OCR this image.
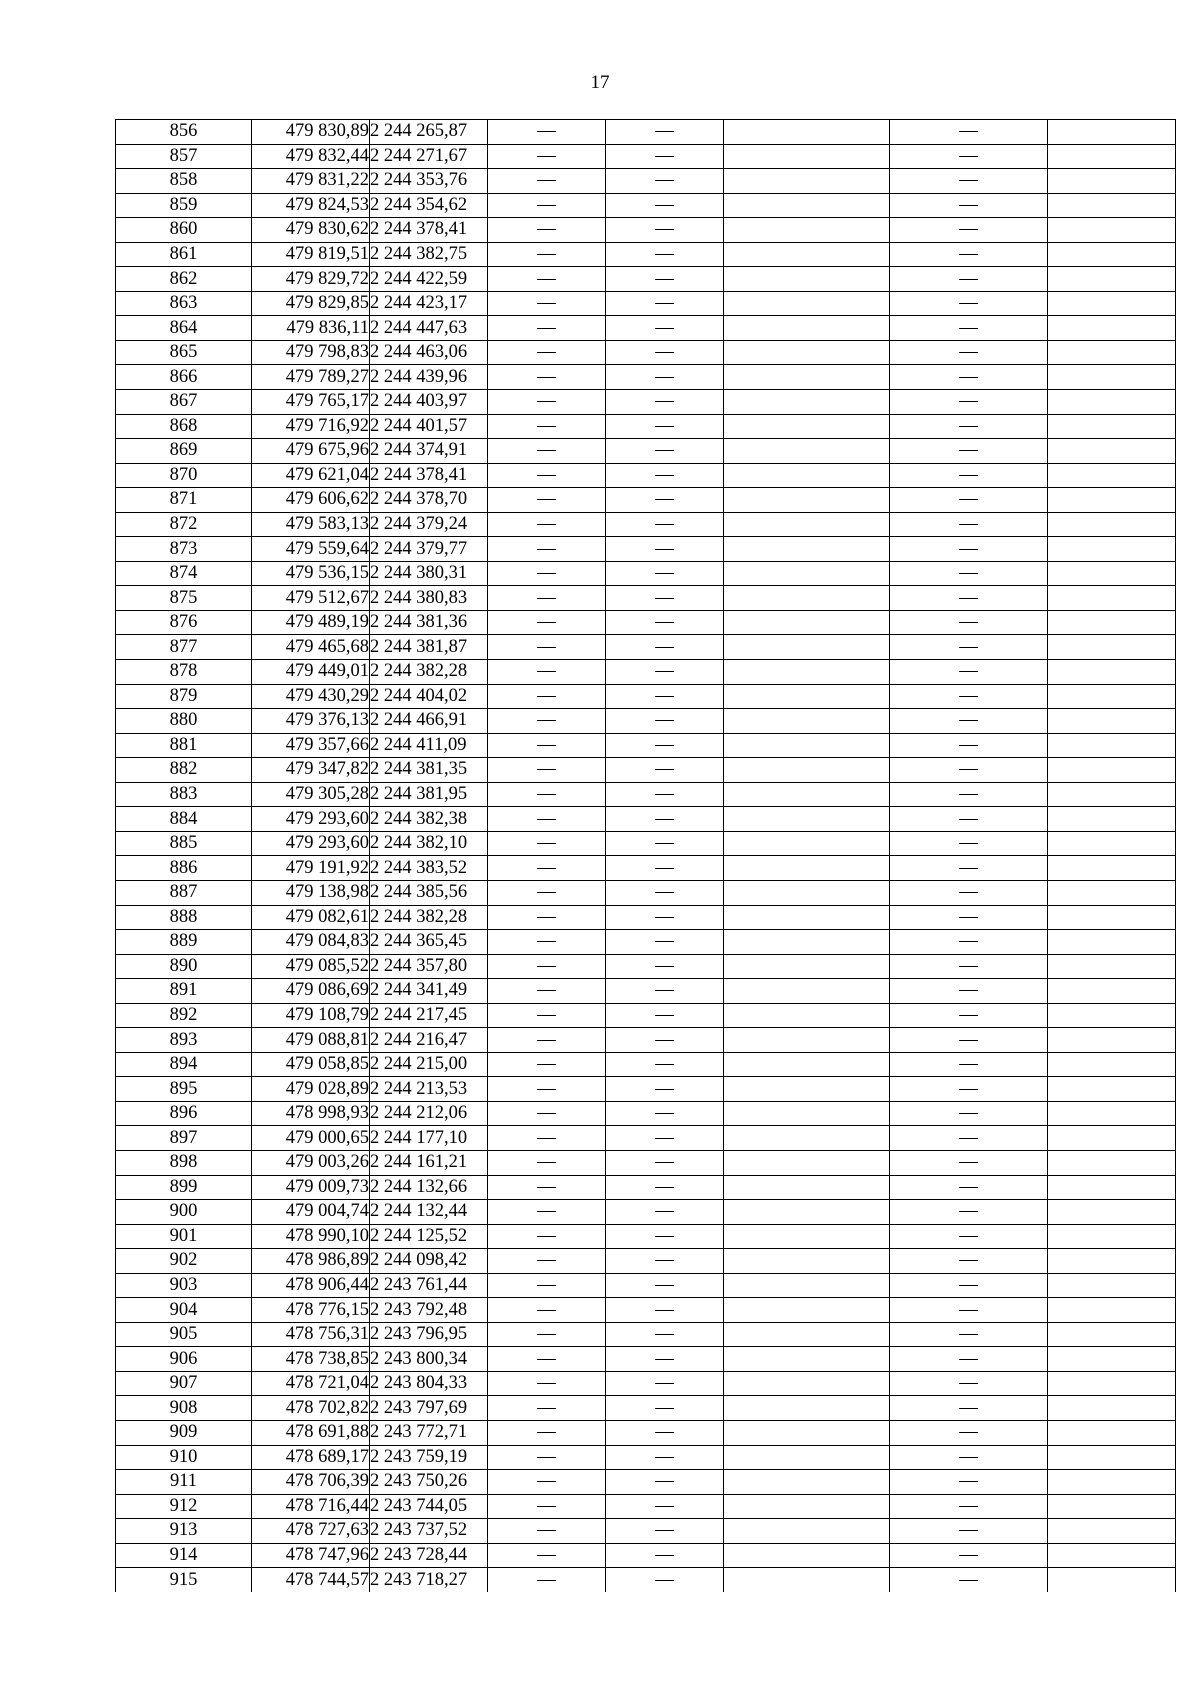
17
856	479 830,89	2 244 265,87	—	—		—	
857	479 832,44	2 244 271,67	—	—		—	
858	479 831,22	2 244 353,76	—	—		—	
859	479 824,53	2 244 354,62	—	—		—	
860	479 830,62	2 244 378,41	—	—		—	
861	479 819,51	2 244 382,75	—	—		—	
862	479 829,72	2 244 422,59	—	—		—	
863	479 829,85	2 244 423,17	—	—		—	
864	479 836,11	2 244 447,63	—	—		—	
865	479 798,83	2 244 463,06	—	—		—	
866	479 789,27	2 244 439,96	—	—		—	
867	479 765,17	2 244 403,97	—	—		—	
868	479 716,92	2 244 401,57	—	—		—	
869	479 675,96	2 244 374,91	—	—		—	
870	479 621,04	2 244 378,41	—	—		—	
871	479 606,62	2 244 378,70	—	—		—	
872	479 583,13	2 244 379,24	—	—		—	
873	479 559,64	2 244 379,77	—	—		—	
874	479 536,15	2 244 380,31	—	—		—	
875	479 512,67	2 244 380,83	—	—		—	
876	479 489,19	2 244 381,36	—	—		—	
877	479 465,68	2 244 381,87	—	—		—	
878	479 449,01	2 244 382,28	—	—		—	
879	479 430,29	2 244 404,02	—	—		—	
880	479 376,13	2 244 466,91	—	—		—	
881	479 357,66	2 244 411,09	—	—		—	
882	479 347,82	2 244 381,35	—	—		—	
883	479 305,28	2 244 381,95	—	—		—	
884	479 293,60	2 244 382,38	—	—		—	
885	479 293,60	2 244 382,10	—	—		—	
886	479 191,92	2 244 383,52	—	—		—	
887	479 138,98	2 244 385,56	—	—		—	
888	479 082,61	2 244 382,28	—	—		—	
889	479 084,83	2 244 365,45	—	—		—	
890	479 085,52	2 244 357,80	—	—		—	
891	479 086,69	2 244 341,49	—	—		—	
892	479 108,79	2 244 217,45	—	—		—	
893	479 088,81	2 244 216,47	—	—		—	
894	479 058,85	2 244 215,00	—	—		—	
895	479 028,89	2 244 213,53	—	—		—	
896	478 998,93	2 244 212,06	—	—		—	
897	479 000,65	2 244 177,10	—	—		—	
898	479 003,26	2 244 161,21	—	—		—	
899	479 009,73	2 244 132,66	—	—		—	
900	479 004,74	2 244 132,44	—	—		—	
901	478 990,10	2 244 125,52	—	—		—	
902	478 986,89	2 244 098,42	—	—		—	
903	478 906,44	2 243 761,44	—	—		—	
904	478 776,15	2 243 792,48	—	—		—	
905	478 756,31	2 243 796,95	—	—		—	
906	478 738,85	2 243 800,34	—	—		—	
907	478 721,04	2 243 804,33	—	—		—	
908	478 702,82	2 243 797,69	—	—		—	
909	478 691,88	2 243 772,71	—	—		—	
910	478 689,17	2 243 759,19	—	—		—	
911	478 706,39	2 243 750,26	—	—		—	
912	478 716,44	2 243 744,05	—	—		—	
913	478 727,63	2 243 737,52	—	—		—	
914	478 747,96	2 243 728,44	—	—		—	
915	478 744,57	2 243 718,27	—	—		—	
